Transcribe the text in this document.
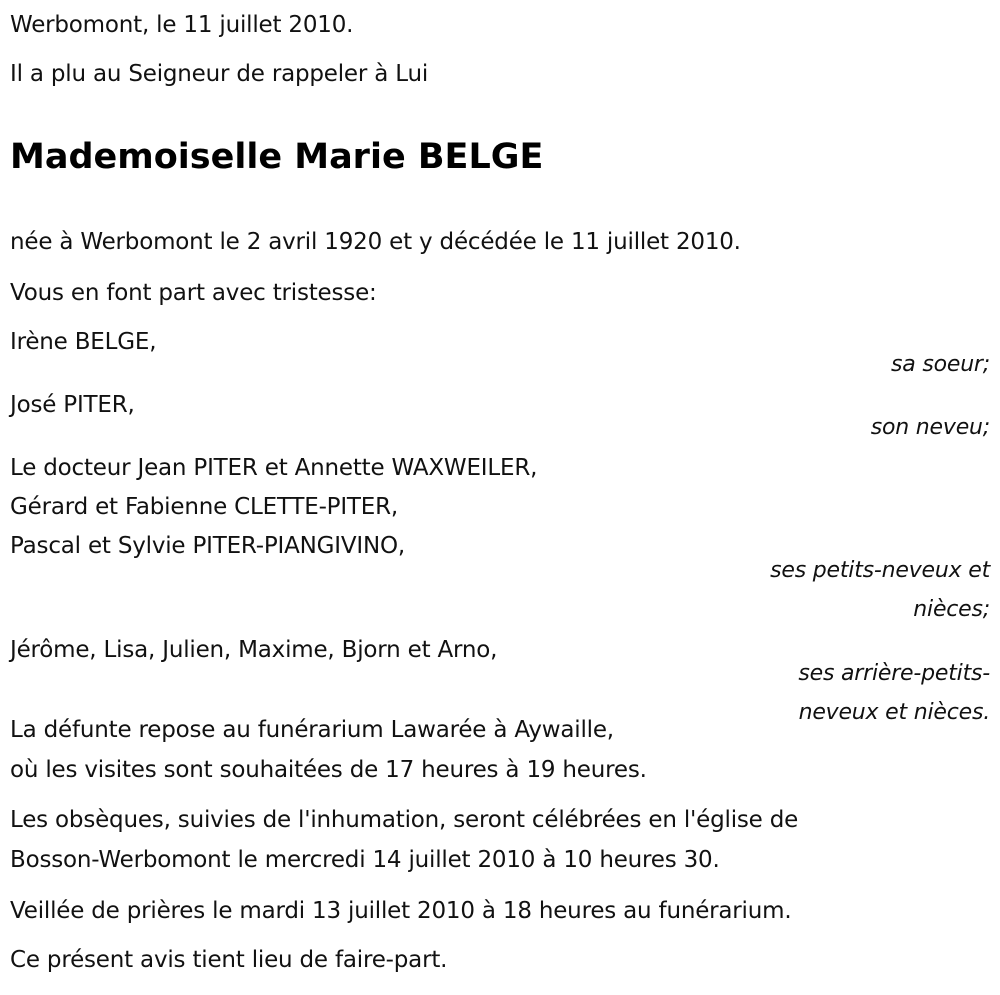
Werbomont, le 11 juillet 2010.
Il a plu au Seigneur de rappeler à Lui
Mademoiselle Marie BELGE
née à Werbomont le 2 avril 1920 et y décédée le 11 juillet 2010.
Vous en font part avec tristesse:
Irène BELGE,
sa soeur;
José PITER,
son neveu;
Le docteur Jean PITER et Annette WAXWEILER,
Gérard et Fabienne CLETTE-PITER,
Pascal et Sylvie PITER-PIANGIVINO,
ses petits-neveux et
nièces;
Jérôme, Lisa, Julien, Maxime, Bjorn et Arno,
ses arrière-petits-
neveux et nièces.
La défunte repose au funérarium Lawarée à Aywaille,
où les visites sont souhaitées de 17 heures à 19 heures.
Les obsèques, suivies de l'inhumation, seront célébrées en l'église de
Bosson-Werbomont le mercredi 14 juillet 2010 à 10 heures 30.
Veillée de prières le mardi 13 juillet 2010 à 18 heures au funérarium.
Ce présent avis tient lieu de faire-part.
